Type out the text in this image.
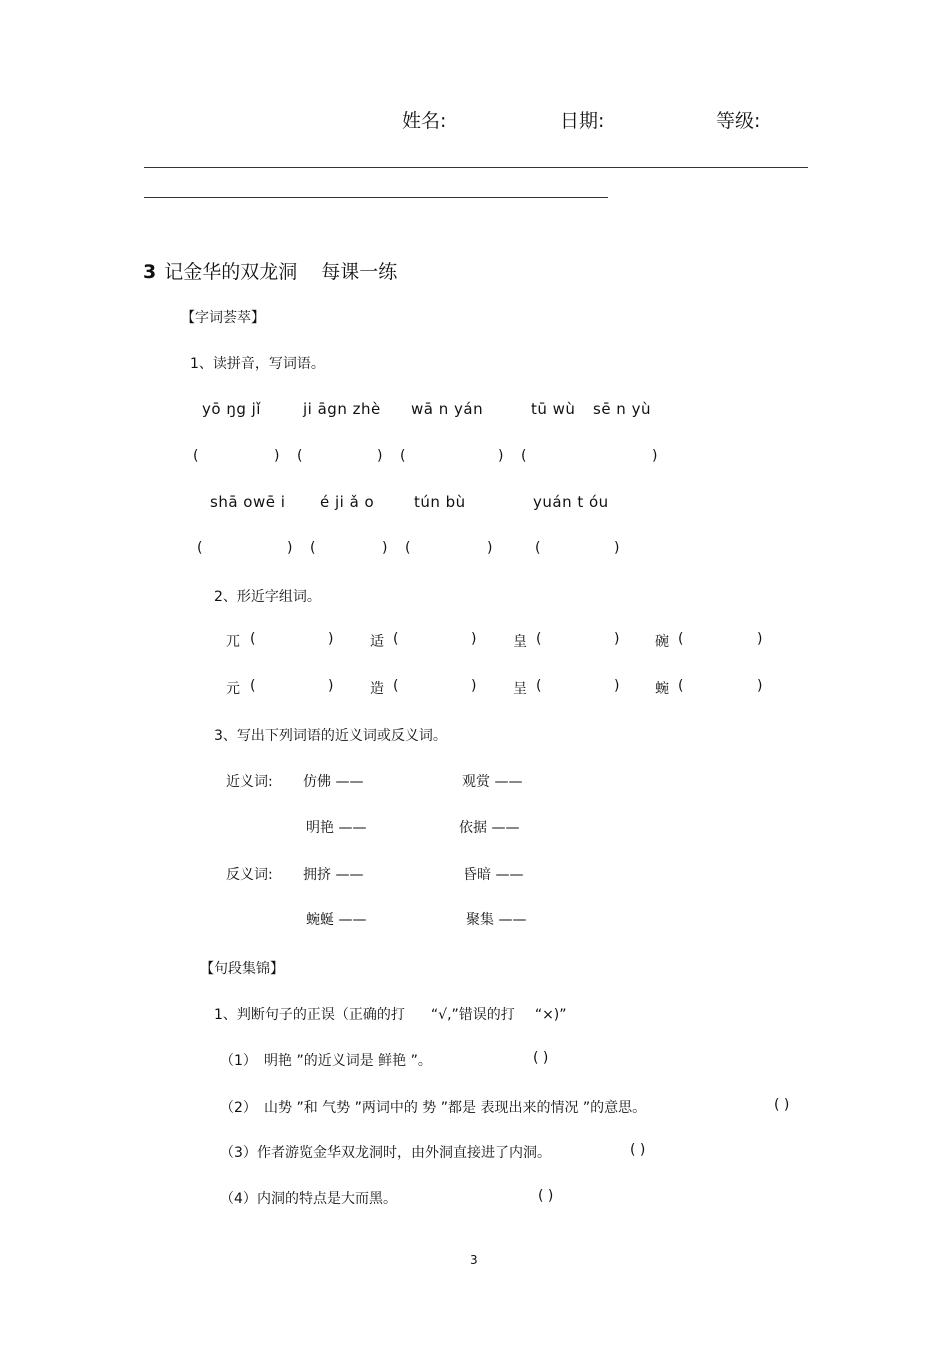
姓名:	日期:	等级:
3 记金华的双龙洞 每课一练
【字词荟萃】
1、读拼音，写词语。
yō ŋg jǐ	ji āgn zhè wā n yán	tū wù sē n yù
(	) (	) (	) (	)
shā owē i é ji ǎ o	tún bù	yuán t óu
(	) (	) (	)	(	)
2、形近字组词。
兀 (	)	适 (	)	皇 (	)	碗 (	)
元 (	)	造 (	)	呈 (	)	蜿 (	)
3、写出下列词语的近义词或反义词。
近义词: 仿佛 ——	观赏 ——
明艳 ——	依据 ——
反义词: 拥挤 ——	昏暗 ——
蜿蜒 ——	聚集 ——
【句段集锦】
1、判断句子的正误（正确的打 “√,”错误的打 “×)”
（1） 明艳 ”的近义词是 鲜艳 ”。	( )
（2） 山势 ”和 气势 ”两词中的 势 ”都是 表现出来的情况 ”的意思。	( )
（3） 作者游览金华双龙洞时，由外洞直接进了内洞。	( )
（4） 内洞的特点是大而黑。	( )
3
